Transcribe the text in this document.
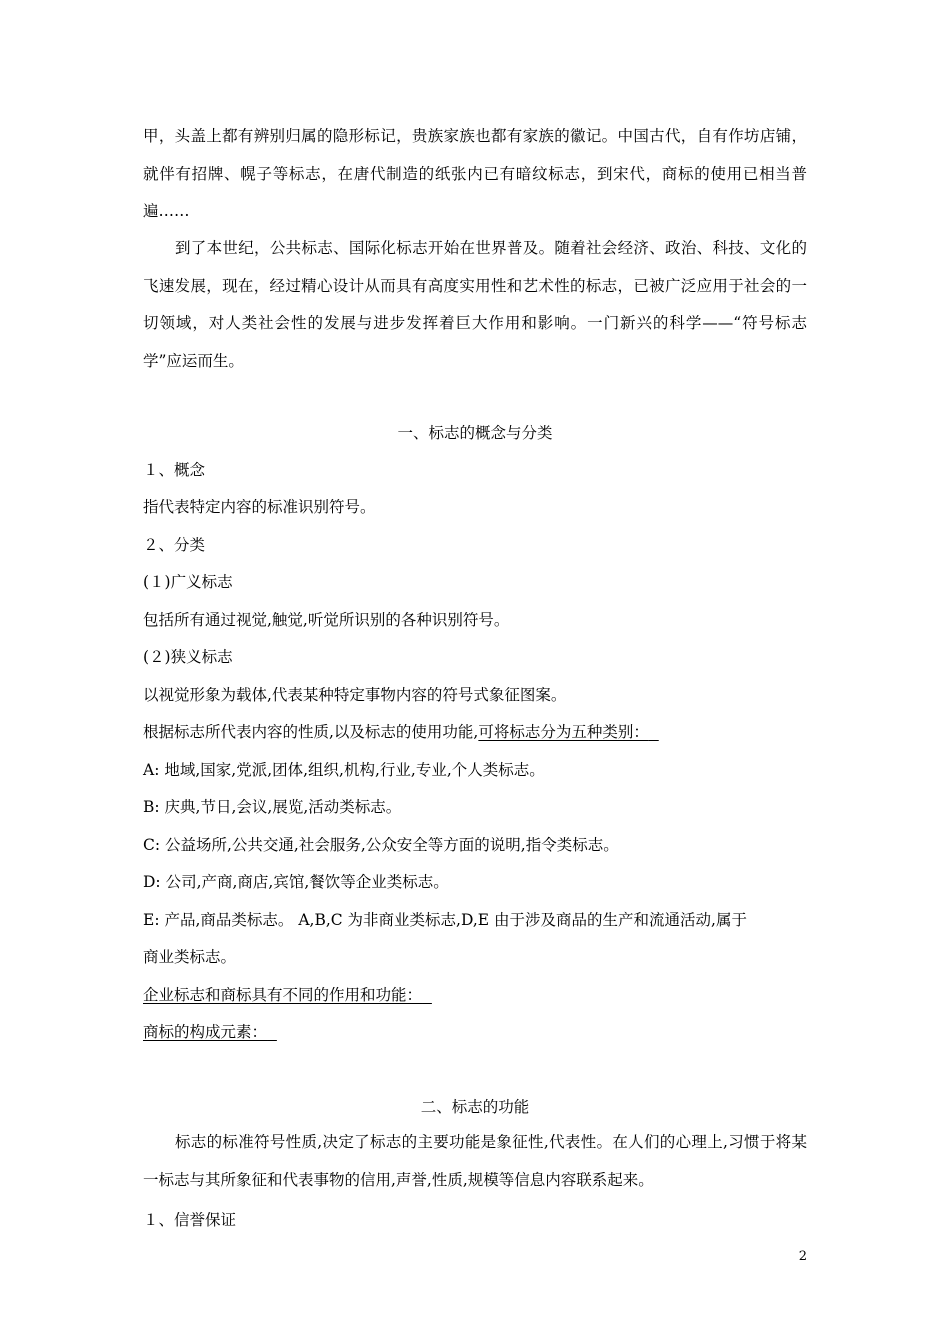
甲，头盖上都有辨别归属的隐形标记，贵族家族也都有家族的徽记。中国古代，自有作坊店铺，就伴有招牌、幌子等标志，在唐代制造的纸张内已有暗纹标志，到宋代，商标的使用已相当普遍……
到了本世纪，公共标志、国际化标志开始在世界普及。随着社会经济、政治、科技、文化的飞速发展，现在，经过精心设计从而具有高度实用性和艺术性的标志，已被广泛应用于社会的一切领域，对人类社会性的发展与进步发挥着巨大作用和影响。一门新兴的科学——“符号标志学”应运而生。
一、标志的概念与分类
１、概念
指代表特定内容的标准识别符号。
２、分类
(１)广义标志
包括所有通过视觉,触觉,听觉所识别的各种识别符号。
(２)狭义标志
以视觉形象为载体,代表某种特定事物内容的符号式象征图案。
根据标志所代表内容的性质,以及标志的使用功能,可将标志分为五种类别：
A: 地域,国家,党派,团体,组织,机构,行业,专业,个人类标志。
B: 庆典,节日,会议,展览,活动类标志。
C: 公益场所,公共交通,社会服务,公众安全等方面的说明,指令类标志。
D: 公司,产商,商店,宾馆,餐饮等企业类标志。
E: 产品,商品类标志。 A,B,C 为非商业类标志,D,E 由于涉及商品的生产和流通活动,属于
商业类标志。
企业标志和商标具有不同的作用和功能：
商标的构成元素：
二、标志的功能
标志的标准符号性质,决定了标志的主要功能是象征性,代表性。在人们的心理上,习惯于将某一标志与其所象征和代表事物的信用,声誉,性质,规模等信息内容联系起来。
１、信誉保证
2
